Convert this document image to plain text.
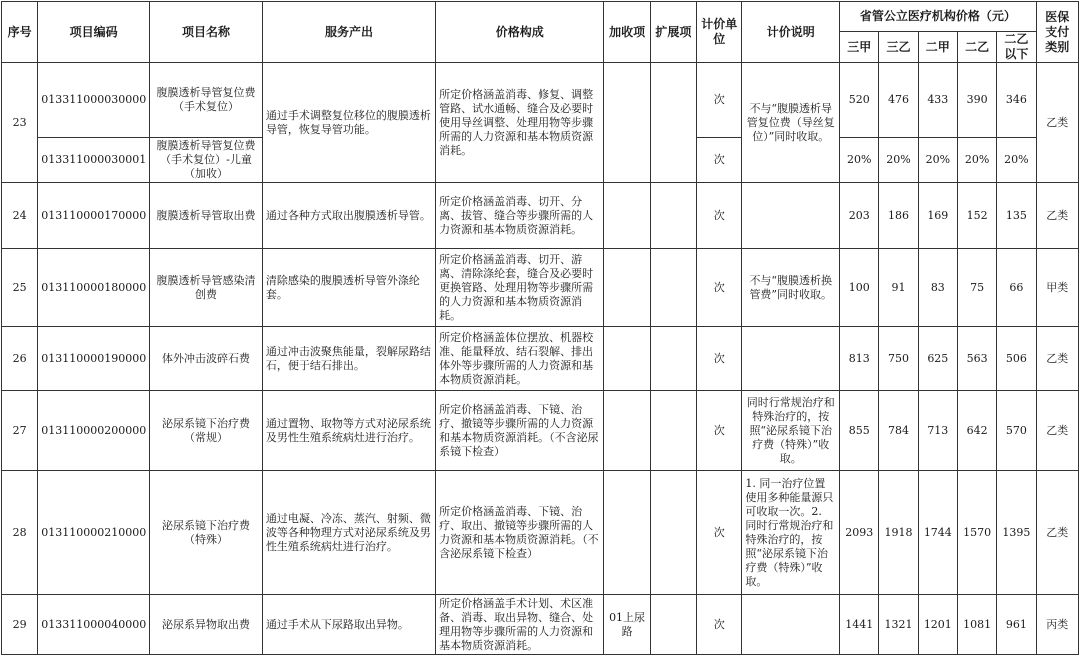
序号	项目编码	项目名称	服务产出	价格构成	加收项	扩展项	计价单位	计价说明	省管公立医疗机构价格（元）					医保支付类别
									三甲	三乙	二甲	二乙	二乙以下	
23	013311000030000	腹膜透析导管复位费（手术复位）	通过手术调整复位移位的腹膜透析导管，恢复导管功能。	所定价格涵盖消毒、修复、调整管路、试水通畅、缝合及必要时使用导丝调整、处理用物等步骤所需的人力资源和基本物质资源消耗。			次	不与“腹膜透析导管复位费（导丝复位）”同时收取。	520	476	433	390	346	乙类
	013311000030001	腹膜透析导管复位费（手术复位）-儿童（加收）					次		20%	20%	20%	20%	20%	
24	013110000170000	腹膜透析导管取出费	通过各种方式取出腹膜透析导管。	所定价格涵盖消毒、切开、分离、拔管、缝合等步骤所需的人力资源和基本物质资源消耗。			次		203	186	169	152	135	乙类
25	013110000180000	腹膜透析导管感染清创费	清除感染的腹膜透析导管外涤纶套。	所定价格涵盖消毒、切开、游离、清除涤纶套，缝合及必要时更换管路、处理用物等步骤所需的人力资源和基本物质资源消耗。			次	不与“腹膜透析换管费”同时收取。	100	91	83	75	66	甲类
26	013110000190000	体外冲击波碎石费	通过冲击波聚焦能量，裂解尿路结石，便于结石排出。	所定价格涵盖体位摆放、机器校准、能量释放、结石裂解、排出体外等步骤所需的人力资源和基本物质资源消耗。			次		813	750	625	563	506	乙类
27	013110000200000	泌尿系镜下治疗费（常规）	通过置物、取物等方式对泌尿系统及男性生殖系统病灶进行治疗。	所定价格涵盖消毒、下镜、治疗、撤镜等步骤所需的人力资源和基本物质资源消耗。（不含泌尿系镜下检查）			次	同时行常规治疗和特殊治疗的，按照“泌尿系镜下治疗费（特殊）”收取。	855	784	713	642	570	乙类
28	013110000210000	泌尿系镜下治疗费（特殊）	通过电凝、冷冻、蒸汽、射频、微波等各种物理方式对泌尿系统及男性生殖系统病灶进行治疗。	所定价格涵盖消毒、下镜、治疗、取出、撤镜等步骤所需的人力资源和基本物质资源消耗。（不含泌尿系镜下检查）			次	1. 同一治疗位置使用多种能量源只可收取一次。2. 同时行常规治疗和特殊治疗的，按照“泌尿系镜下治疗费（特殊）”收取。	2093	1918	1744	1570	1395	乙类
29	013311000040000	泌尿系异物取出费	通过手术从下尿路取出异物。	所定价格涵盖手术计划、术区准备、消毒、取出异物、缝合、处理用物等步骤所需的人力资源和基本物质资源消耗。	01上尿路		次		1441	1321	1201	1081	961	丙类
